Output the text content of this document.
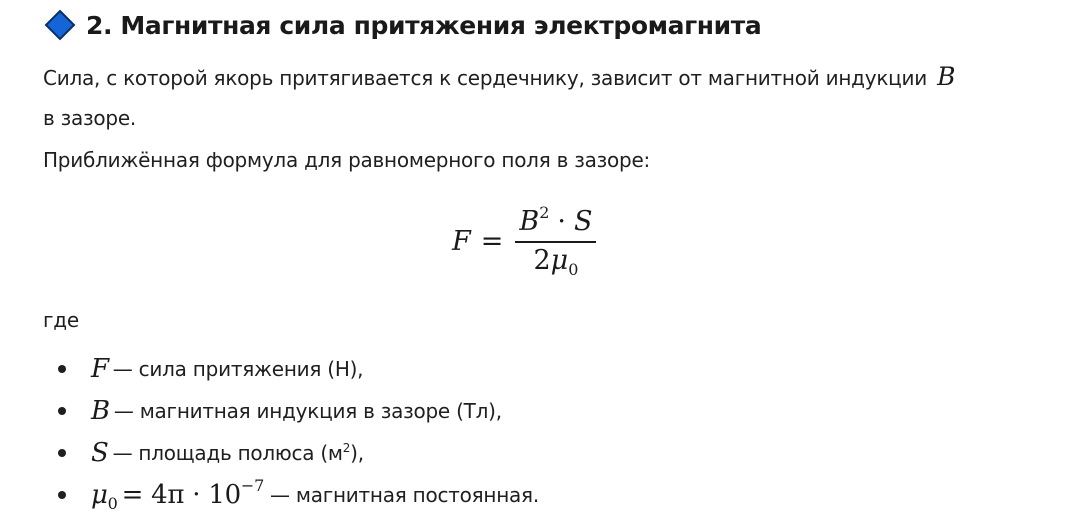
2. Магнитная сила притяжения электромагнита
Сила, с которой якорь притягивается к сердечнику, зависит от магнитной индукции B
в зазоре.
Приближённая формула для равномерного поля в зазоре:
$F = \frac{B^2 \cdot S}{2\mu_0}$
где
F — сила притяжения (Н),
B — магнитная индукция в зазоре (Тл),
S — площадь полюса $(м^2)$,
$\mu_0 = 4\pi \cdot 10^{-7}$ — магнитная постоянная.
